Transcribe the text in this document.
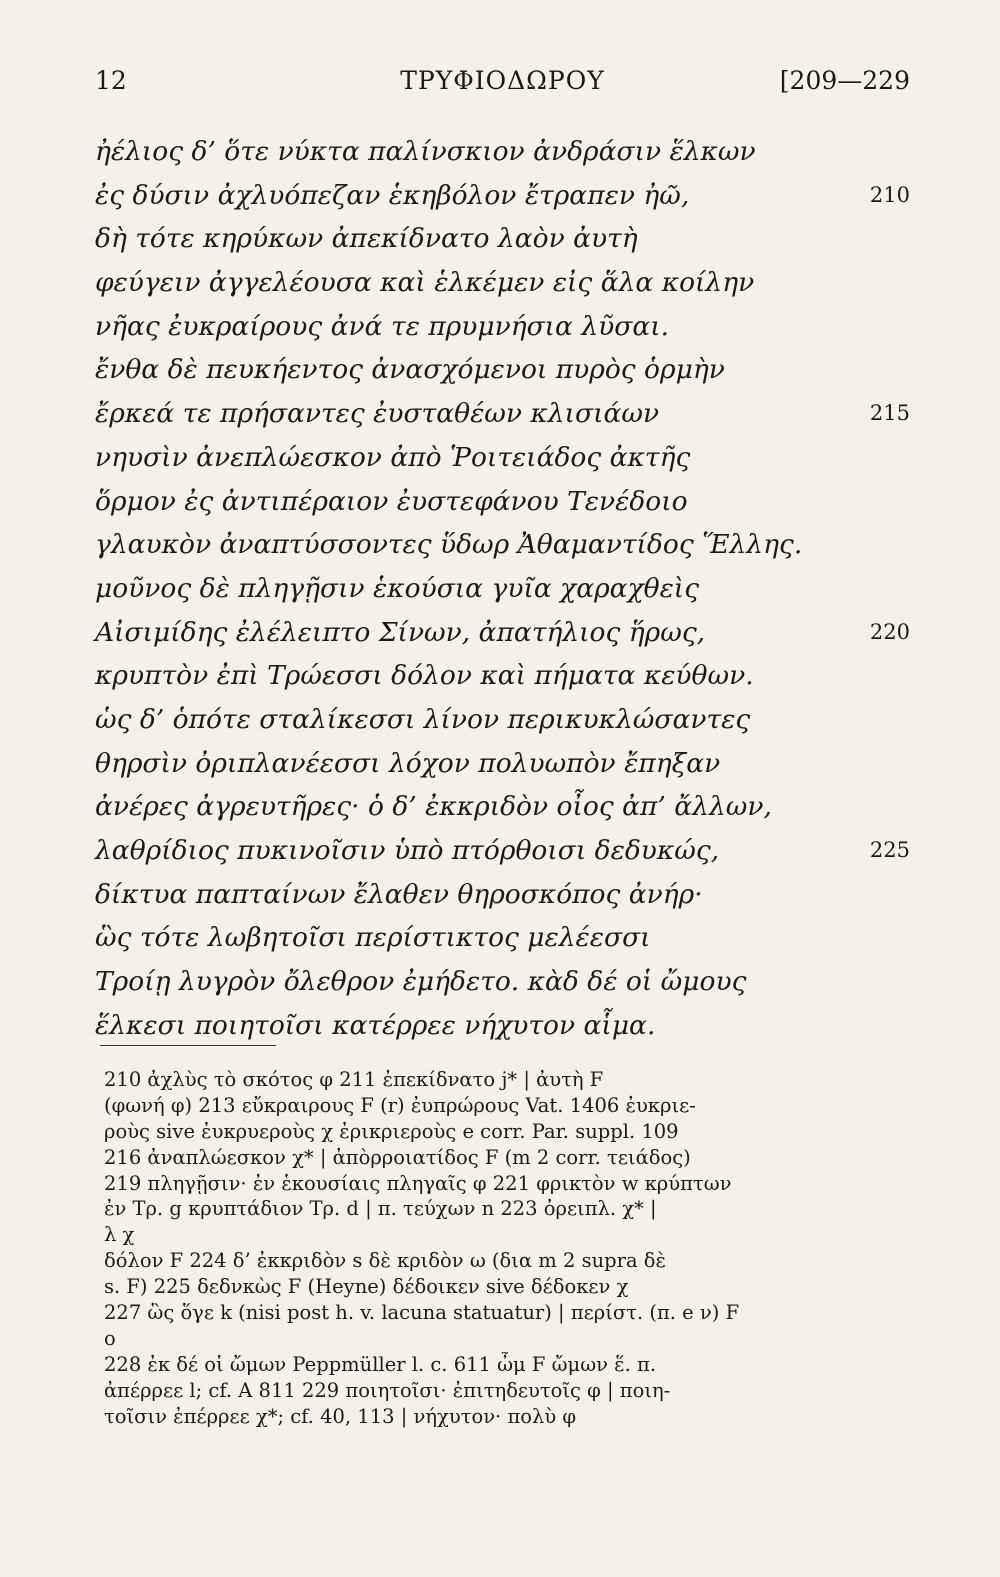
12	ΤΡΥΦΙΟΔΩΡΟΥ	[209—229
ἠέλιος δ’ ὅτε νύκτα παλίνσκιον ἀνδράσιν ἕλκων
ἐς δύσιν ἀχλυόπεζαν ἑκηβόλον ἔτραπεν ἠῶ,	210
δὴ τότε κηρύκων ἀπεκίδνατο λαὸν ἀυτὴ
φεύγειν ἀγγελέουσα καὶ ἑλκέμεν εἰς ἅλα κοίλην
νῆας ἐυκραίρους ἀνά τε πρυμνήσια λῦσαι.
ἔνθα δὲ πευκήεντος ἀνασχόμενοι πυρὸς ὁρμὴν
ἔρκεά τε πρήσαντες ἐυσταθέων κλισιάων	215
νηυσὶν ἀνεπλώεσκον ἀπὸ Ῥοιτειάδος ἀκτῆς
ὅρμον ἐς ἀντιπέραιον ἐυστεφάνου Τενέδοιο
γλαυκὸν ἀναπτύσσοντες ὕδωρ Ἀθαμαντίδος Ἕλλης.
μοῦνος δὲ πληγῇσιν ἑκούσια γυῖα χαραχθεὶς
Αἰσιμίδης ἐλέλειπτο Σίνων, ἀπατήλιος ἥρως,	220
κρυπτὸν ἐπὶ Τρώεσσι δόλον καὶ πήματα κεύθων.
ὡς δ’ ὁπότε σταλίκεσσι λίνον περικυκλώσαντες
θηρσὶν ὀριπλανέεσσι λόχον πολυωπὸν ἔπηξαν
ἀνέρες ἀγρευτῆρες· ὁ δ’ ἐκκριδὸν οἶος ἀπ’ ἄλλων,
λαθρίδιος πυκινοῖσιν ὑπὸ πτόρθοισι δεδυκώς,	225
δίκτυα παπταίνων ἔλαθεν θηροσκόπος ἀνήρ·
ὣς τότε λωβητοῖσι περίστικτος μελέεσσι
Τροίῃ λυγρὸν ὄλεθρον ἐμήδετο. κὰδ δέ οἱ ὤμους
ἕλκεσι ποιητοῖσι κατέρρεε νήχυτον αἷμα.
210 ἀχλὺς τὸ σκότος φ 211 ἐπεκίδνατο j* | ἀυτὴ F
(φωνή φ) 213 εὔκραιρους F (r) ἐυπρώρους Vat. 1406 ἐυκριε-
ροὺς sive ἐυκρυεροὺς χ ἐρικριεροὺς e corr. Par. suppl. 109
216 ἀναπλώεσκον χ* | ἀπὸρροιατίδος F (m 2 corr. τειάδος)
219 πληγῇσιν· ἐν ἑκουσίαις πληγαῖς φ 221 φρικτὸν w κρύπτων
ἐν Τρ. g κρυπτάδιον Τρ. d | π. τεύχων n 223 ὀρειπλ. χ* |
λ χ
δόλον F 224 δ’ ἐκκριδὸν s δὲ κριδὸν ω (δια m 2 supra δὲ
s. F) 225 δεδνκὼς F (Heyne) δέδοικεν sive δέδοκεν χ
227 ὣς ὅγε k (nisi post h. v. lacuna statuatur) | περίστ. (π. e ν) F
o
228 ἐκ δέ οἱ ὤμων Peppmüller l. c. 611 ὦμ F ὤμων ἕ. π.
ἀπέρρεε l; cf. Α 811 229 ποιητοῖσι· ἐπιτηδευτοῖς φ | ποιη-
τοῖσιν ἐπέρρεε χ*; cf. 40, 113 | νήχυτον· πολὺ φ
